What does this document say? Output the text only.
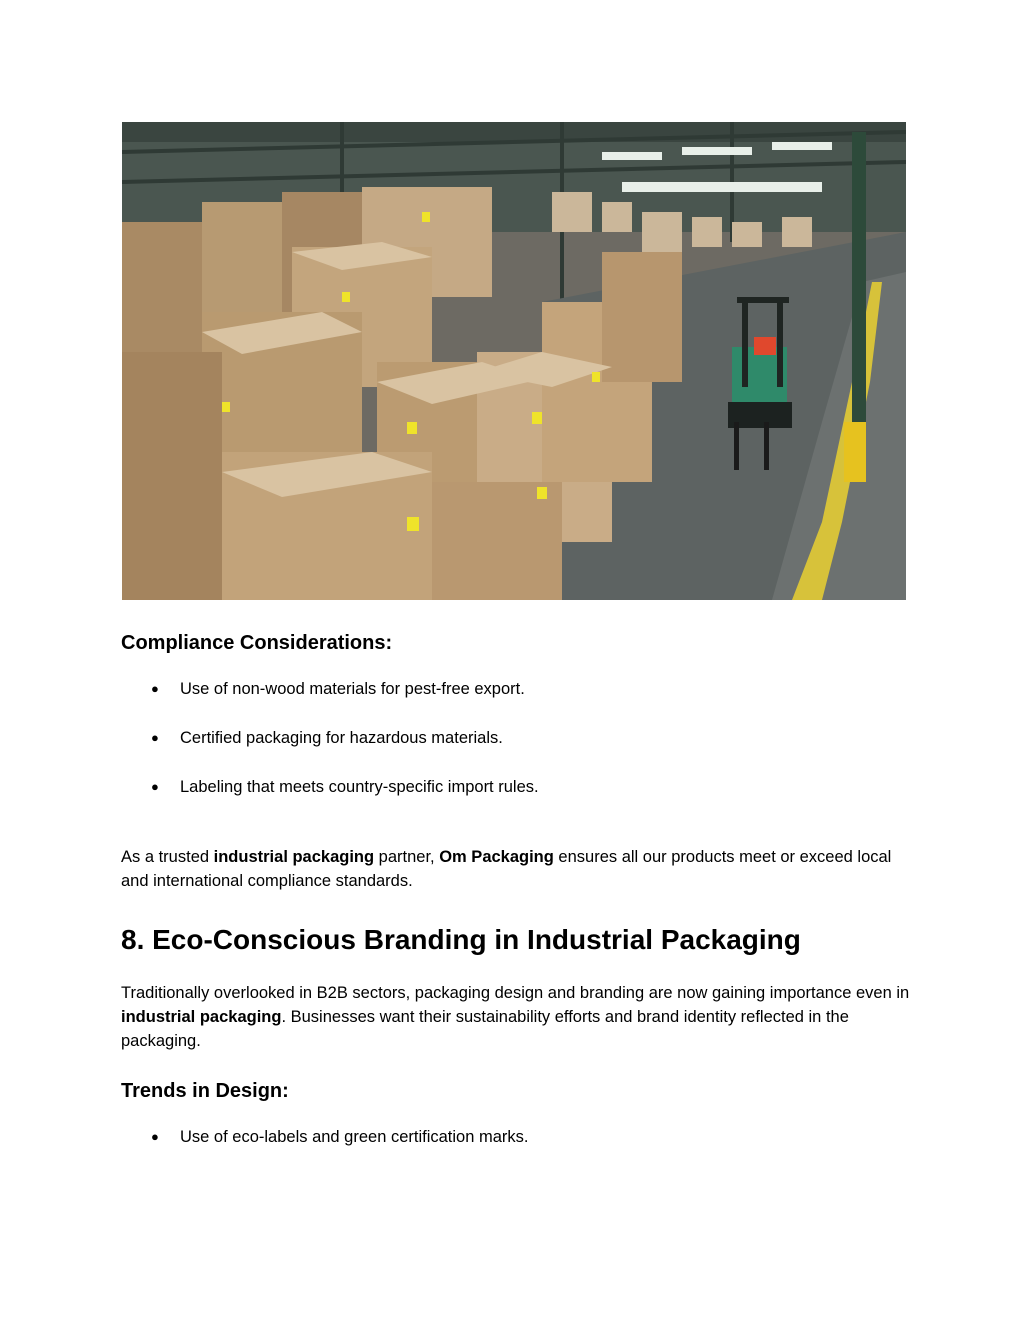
Compliance Considerations:
● Use of non-wood materials for pest-free export.
● Certified packaging for hazardous materials.
● Labeling that meets country-specific import rules.

As a trusted industrial packaging partner, Om Packaging ensures all our products meet or exceed local and international compliance standards.

8. Eco-Conscious Branding in Industrial Packaging

Traditionally overlooked in B2B sectors, packaging design and branding are now gaining importance even in industrial packaging. Businesses want their sustainability efforts and brand identity reflected in the packaging.

Trends in Design:
● Use of eco-labels and green certification marks.
